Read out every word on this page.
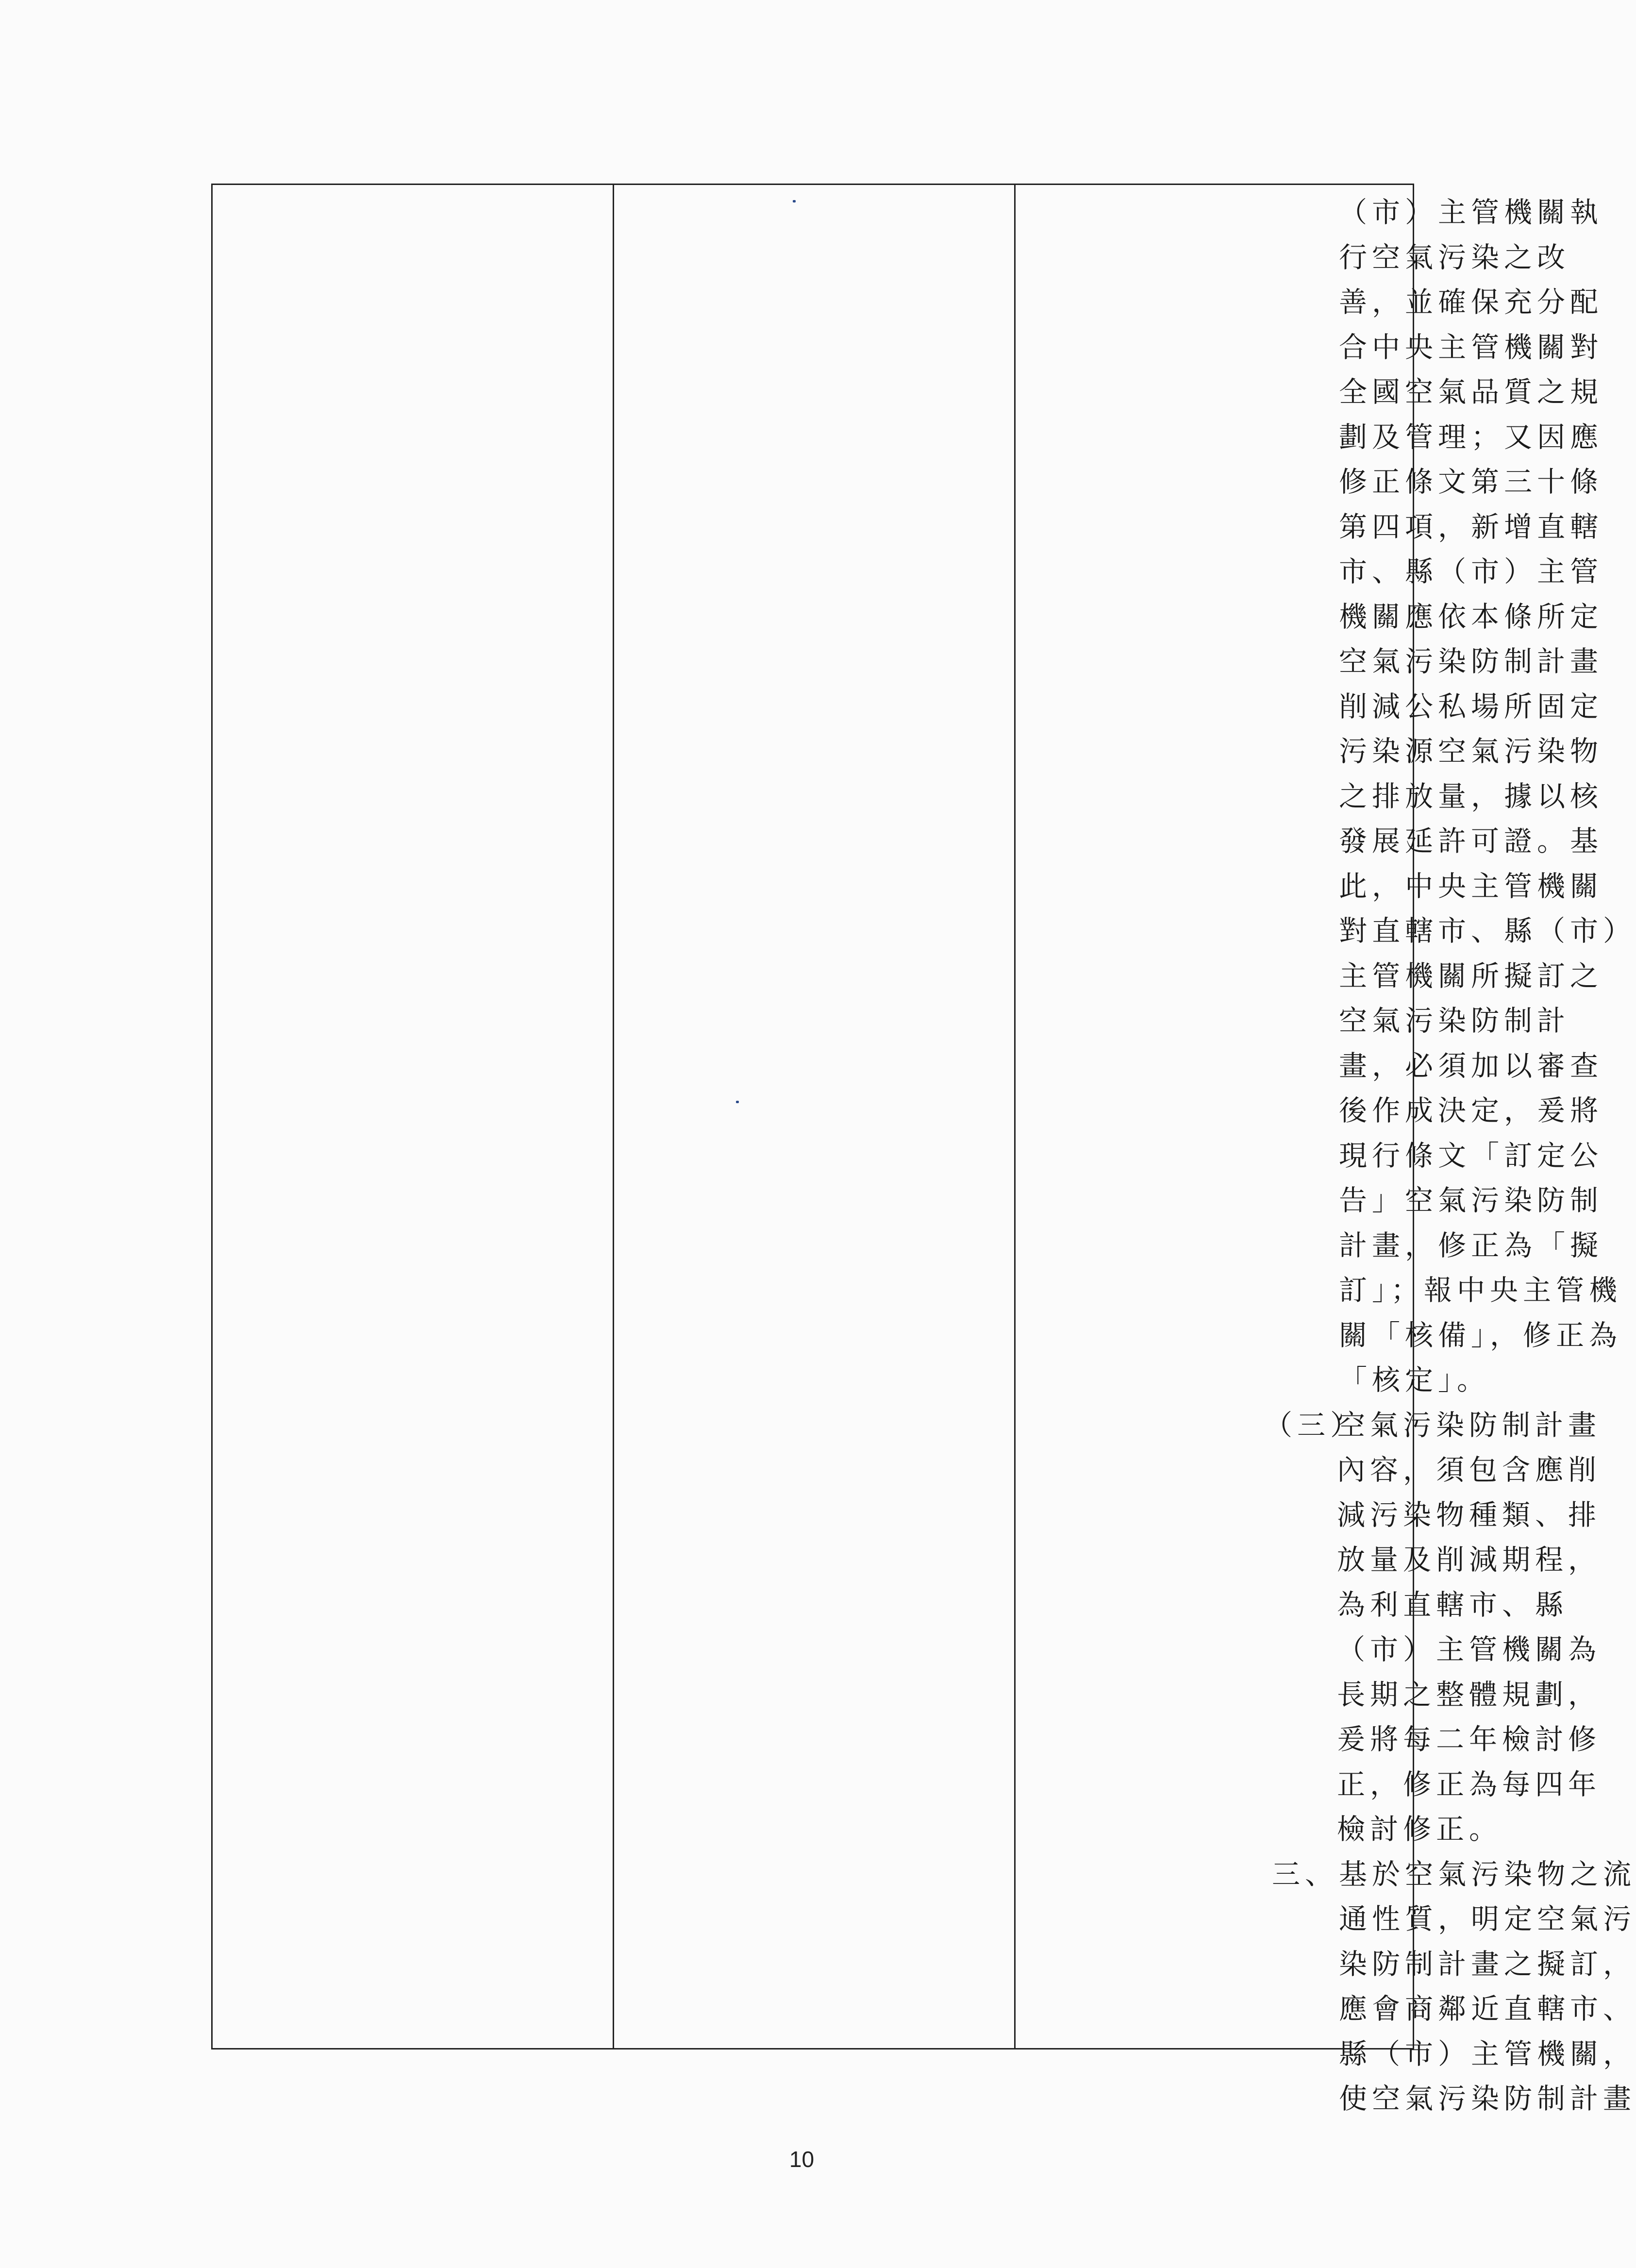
（市）主管機關執
行空氣污染之改
善，並確保充分配
合中央主管機關對
全國空氣品質之規
劃及管理；又因應
修正條文第三十條
第四項，新增直轄
市、縣（市）主管
機關應依本條所定
空氣污染防制計畫
削減公私場所固定
污染源空氣污染物
之排放量，據以核
發展延許可證。基
此，中央主管機關
對直轄市、縣（市）
主管機關所擬訂之
空氣污染防制計
畫，必須加以審查
後作成決定，爰將
現行條文「訂定公
告」空氣污染防制
計畫，修正為「擬
訂」；報中央主管機
關「核備」，修正為
「核定」。
（三）
空氣污染防制計畫
內容，須包含應削
減污染物種類、排
放量及削減期程，
為利直轄市、縣
（市）主管機關為
長期之整體規劃，
爰將每二年檢討修
正，修正為每四年
檢討修正。
三、 基於空氣污染物之流
通性質，明定空氣污
染防制計畫之擬訂，
應會商鄰近直轄市、
縣（市）主管機關，
使空氣污染防制計畫
10
